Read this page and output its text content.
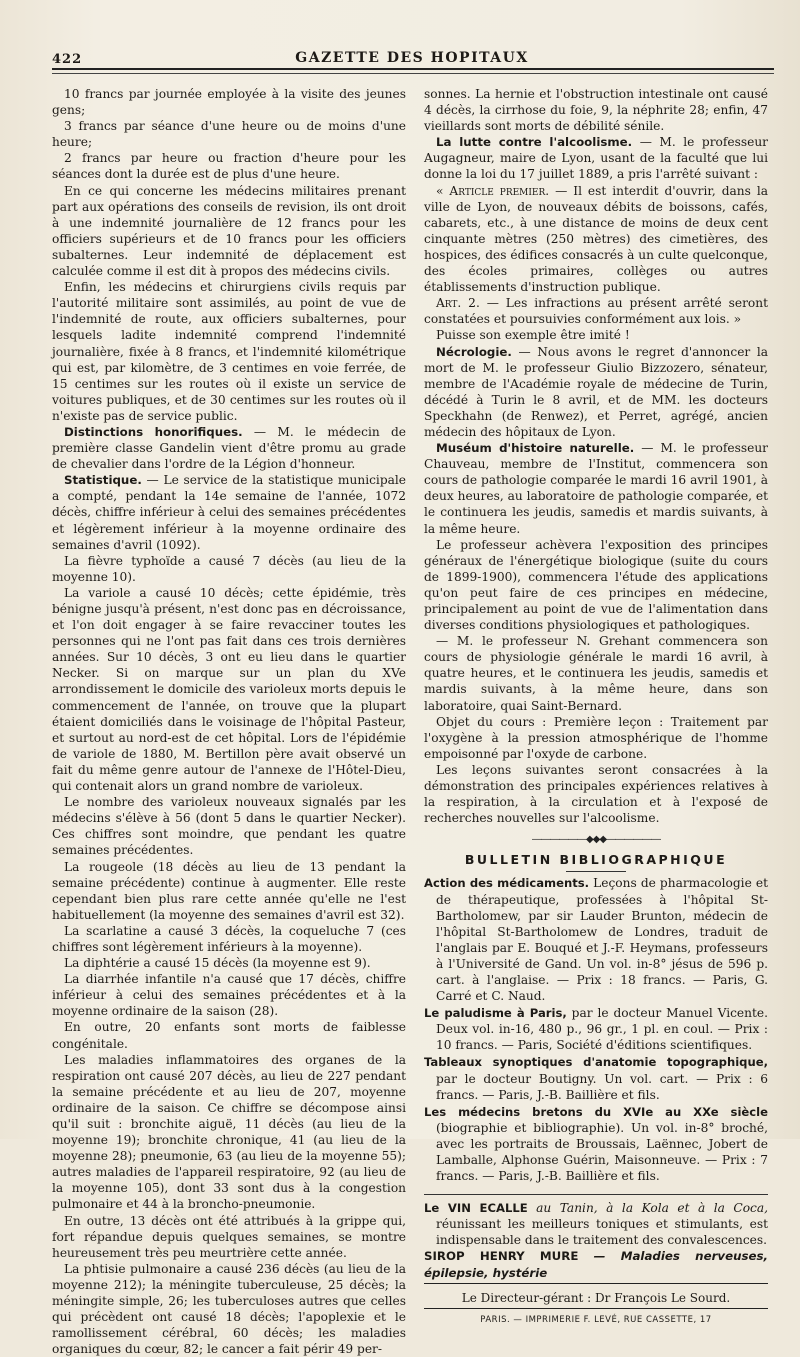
422	GAZETTE DES HOPITAUX

10 francs par journée employée à la visite des jeunes gens;

3 francs par séance d'une heure ou de moins d'une heure;

2 francs par heure ou fraction d'heure pour les séances dont la durée est de plus d'une heure.

En ce qui concerne les médecins militaires prenant part aux opérations des conseils de revision, ils ont droit à une indemnité journalière de 12 francs pour les officiers supérieurs et de 10 francs pour les officiers subalternes. Leur indemnité de déplacement est calculée comme il est dit à propos des médecins civils.

Enfin, les médecins et chirurgiens civils requis par l'autorité militaire sont assimilés, au point de vue de l'indemnité de route, aux officiers subalternes, pour lesquels ladite indemnité comprend l'indemnité journalière, fixée à 8 francs, et l'indemnité kilométrique qui est, par kilomètre, de 3 centimes en voie ferrée, de 15 centimes sur les routes où il existe un service de voitures publiques, et de 30 centimes sur les routes où il n'existe pas de service public.

Distinctions honorifiques. — M. le médecin de première classe Gandelin vient d'être promu au grade de chevalier dans l'ordre de la Légion d'honneur.

Statistique. — Le service de la statistique municipale a compté, pendant la 14e semaine de l'année, 1072 décès, chiffre inférieur à celui des semaines précédentes et légèrement inférieur à la moyenne ordinaire des semaines d'avril (1092).

La fièvre typhoïde a causé 7 décès (au lieu de la moyenne 10).

La variole a causé 10 décès; cette épidémie, très bénigne jusqu'à présent, n'est donc pas en décroissance, et l'on doit engager à se faire revacciner toutes les personnes qui ne l'ont pas fait dans ces trois dernières années. Sur 10 décès, 3 ont eu lieu dans le quartier Necker. Si on marque sur un plan du XVe arrondissement le domicile des varioleux morts depuis le commencement de l'année, on trouve que la plupart étaient domiciliés dans le voisinage de l'hôpital Pasteur, et surtout au nord-est de cet hôpital. Lors de l'épidémie de variole de 1880, M. Bertillon père avait observé un fait du même genre autour de l'annexe de l'Hôtel-Dieu, qui contenait alors un grand nombre de varioleux.

Le nombre des varioleux nouveaux signalés par les médecins s'élève à 56 (dont 5 dans le quartier Necker). Ces chiffres sont moindre, que pendant les quatre semaines précédentes.

La rougeole (18 décès au lieu de 13 pendant la semaine précédente) continue à augmenter. Elle reste cependant bien plus rare cette année qu'elle ne l'est habituellement (la moyenne des semaines d'avril est 32).

La scarlatine a causé 3 décès, la coqueluche 7 (ces chiffres sont légèrement inférieurs à la moyenne).

La diphtérie a causé 15 décès (la moyenne est 9).

La diarrhée infantile n'a causé que 17 décès, chiffre inférieur à celui des semaines précédentes et à la moyenne ordinaire de la saison (28).

En outre, 20 enfants sont morts de faiblesse congénitale.

Les maladies inflammatoires des organes de la respiration ont causé 207 décès, au lieu de 227 pendant la semaine précédente et au lieu de 207, moyenne ordinaire de la saison. Ce chiffre se décompose ainsi qu'il suit : bronchite aiguë, 11 décès (au lieu de la moyenne 19); bronchite chronique, 41 (au lieu de la moyenne 28); pneumonie, 63 (au lieu de la moyenne 55); autres maladies de l'appareil respiratoire, 92 (au lieu de la moyenne 105), dont 33 sont dus à la congestion pulmonaire et 44 à la broncho-pneumonie.

En outre, 13 décès ont été attribués à la grippe qui, fort répandue depuis quelques semaines, se montre heureusement très peu meurtrière cette année.

La phtisie pulmonaire a causé 236 décès (au lieu de la moyenne 212); la méningite tuberculeuse, 25 décès; la méningite simple, 26; les tuberculoses autres que celles qui précèdent ont causé 18 décès; l'apoplexie et le ramollissement cérébral, 60 décès; les maladies organiques du cœur, 82; le cancer a fait périr 49 per-

sonnes. La hernie et l'obstruction intestinale ont causé 4 décès, la cirrhose du foie, 9, la néphrite 28; enfin, 47 vieillards sont morts de débilité sénile.

La lutte contre l'alcoolisme. — M. le professeur Augagneur, maire de Lyon, usant de la faculté que lui donne la loi du 17 juillet 1889, a pris l'arrêté suivant :

« Article premier. — Il est interdit d'ouvrir, dans la ville de Lyon, de nouveaux débits de boissons, cafés, cabarets, etc., à une distance de moins de deux cent cinquante mètres (250 mètres) des cimetières, des hospices, des édifices consacrés à un culte quelconque, des écoles primaires, collèges ou autres établissements d'instruction publique.

Art. 2. — Les infractions au présent arrêté seront constatées et poursuivies conformément aux lois. »

Puisse son exemple être imité !

Nécrologie. — Nous avons le regret d'annoncer la mort de M. le professeur Giulio Bizzozero, sénateur, membre de l'Académie royale de médecine de Turin, décédé à Turin le 8 avril, et de MM. les docteurs Speckhahn (de Renwez), et Perret, agrégé, ancien médecin des hôpitaux de Lyon.

Muséum d'histoire naturelle. — M. le professeur Chauveau, membre de l'Institut, commencera son cours de pathologie comparée le mardi 16 avril 1901, à deux heures, au laboratoire de pathologie comparée, et le continuera les jeudis, samedis et mardis suivants, à la même heure.

Le professeur achèvera l'exposition des principes généraux de l'énergétique biologique (suite du cours de 1899-1900), commencera l'étude des applications qu'on peut faire de ces principes en médecine, principalement au point de vue de l'alimentation dans diverses conditions physiologiques et pathologiques.

— M. le professeur N. Grehant commencera son cours de physiologie générale le mardi 16 avril, à quatre heures, et le continuera les jeudis, samedis et mardis suivants, à la même heure, dans son laboratoire, quai Saint-Bernard.

Objet du cours : Première leçon : Traitement par l'oxygène à la pression atmosphérique de l'homme empoisonné par l'oxyde de carbone.

Les leçons suivantes seront consacrées à la démonstration des principales expériences relatives à la respiration, à la circulation et à l'exposé de recherches nouvelles sur l'alcoolisme.

――――――◆◆◆――――――
BULLETIN BIBLIOGRAPHIQUE

Action des médicaments. Leçons de pharmacologie et de thérapeutique, professées à l'hôpital St-Bartholomew, par sir Lauder Brunton, médecin de l'hôpital St-Bartholomew de Londres, traduit de l'anglais par E. Bouqué et J.-F. Heymans, professeurs à l'Université de Gand. Un vol. in-8° jésus de 596 p. cart. à l'anglaise. — Prix : 18 francs. — Paris, G. Carré et C. Naud.

Le paludisme à Paris, par le docteur Manuel Vicente. Deux vol. in-16, 480 p., 96 gr., 1 pl. en coul. — Prix : 10 francs. — Paris, Société d'éditions scientifiques.

Tableaux synoptiques d'anatomie topographique, par le docteur Boutigny. Un vol. cart. — Prix : 6 francs. — Paris, J.-B. Baillière et fils.

Les médecins bretons du XVIe au XXe siècle (biographie et bibliographie). Un vol. in-8° broché, avec les portraits de Broussais, Laënnec, Jobert de Lamballe, Alphonse Guérin, Maisonneuve. — Prix : 7 francs. — Paris, J.-B. Baillière et fils.

Le VIN ECALLE au Tanin, à la Kola et à la Coca, réunissant les meilleurs toniques et stimulants, est indispensable dans le traitement des convalescences.

SIROP HENRY MURE — Maladies nerveuses, épilepsie, hystérie
Le Directeur-gérant : Dr François Le Sourd.
PARIS. — IMPRIMERIE F. LEVÉ, RUE CASSETTE, 17
